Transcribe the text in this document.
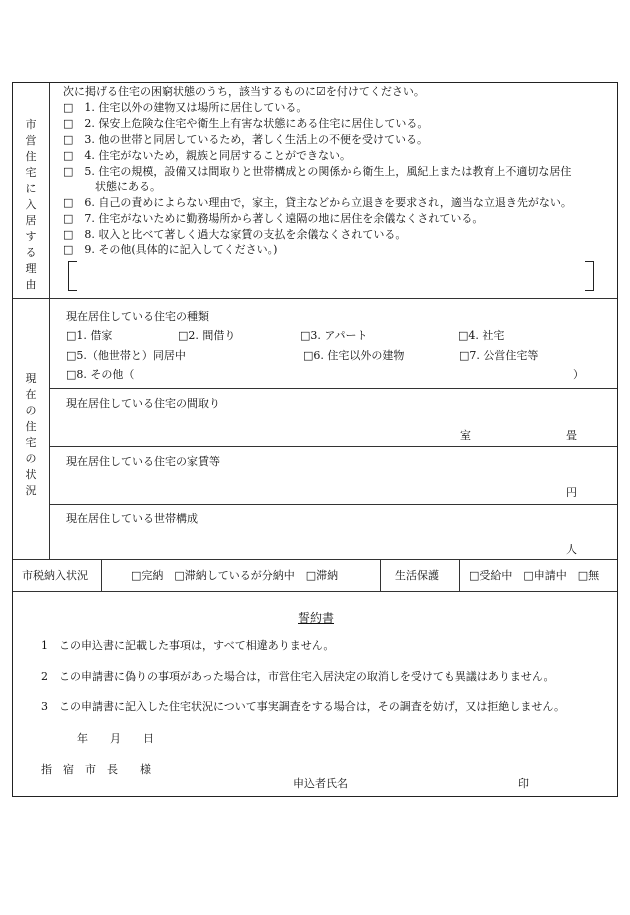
市
営
住
宅
に
入
居
す
る
理
由
次に掲げる住宅の困窮状態のうち，該当するものに☑を付けてください。
□　1. 住宅以外の建物又は場所に居住している。
□　2. 保安上危険な住宅や衛生上有害な状態にある住宅に居住している。
□　3. 他の世帯と同居しているため，著しく生活上の不便を受けている。
□　4. 住宅がないため，親族と同居することができない。
□　5. 住宅の規模，設備又は間取りと世帯構成との関係から衛生上，風紀上または教育上不適切な居住
状態にある。
□　6. 自己の責めによらない理由で，家主，貸主などから立退きを要求され，適当な立退き先がない。
□　7. 住宅がないために勤務場所から著しく遠隔の地に居住を余儀なくされている。
□　8. 収入と比べて著しく過大な家賃の支払を余儀なくされている。
□　9. その他(具体的に記入してください。)
現
在
の
住
宅
の
状
況
現在居住している住宅の種類
□1. 借家	□2. 間借り	□3. アパート	□4. 社宅
□5.（他世帯と）同居中	□6. 住宅以外の建物	□7. 公営住宅等
□8. その他（	）
現在居住している住宅の間取り
室	畳
現在居住している住宅の家賃等
円
現在居住している世帯構成
人
市税納入状況	□完納　□滞納しているが分納中　□滞納	生活保護	□受給中　□申請中　□無
誓約書
1　この申込書に記載した事項は，すべて相違ありません。
2　この申請書に偽りの事項があった場合は，市営住宅入居決定の取消しを受けても異議はありません。
3　この申請書に記入した住宅状況について事実調査をする場合は，その調査を妨げ，又は拒絶しません。
年　　月　　日
指　宿　市　長　　様
申込者氏名	印
